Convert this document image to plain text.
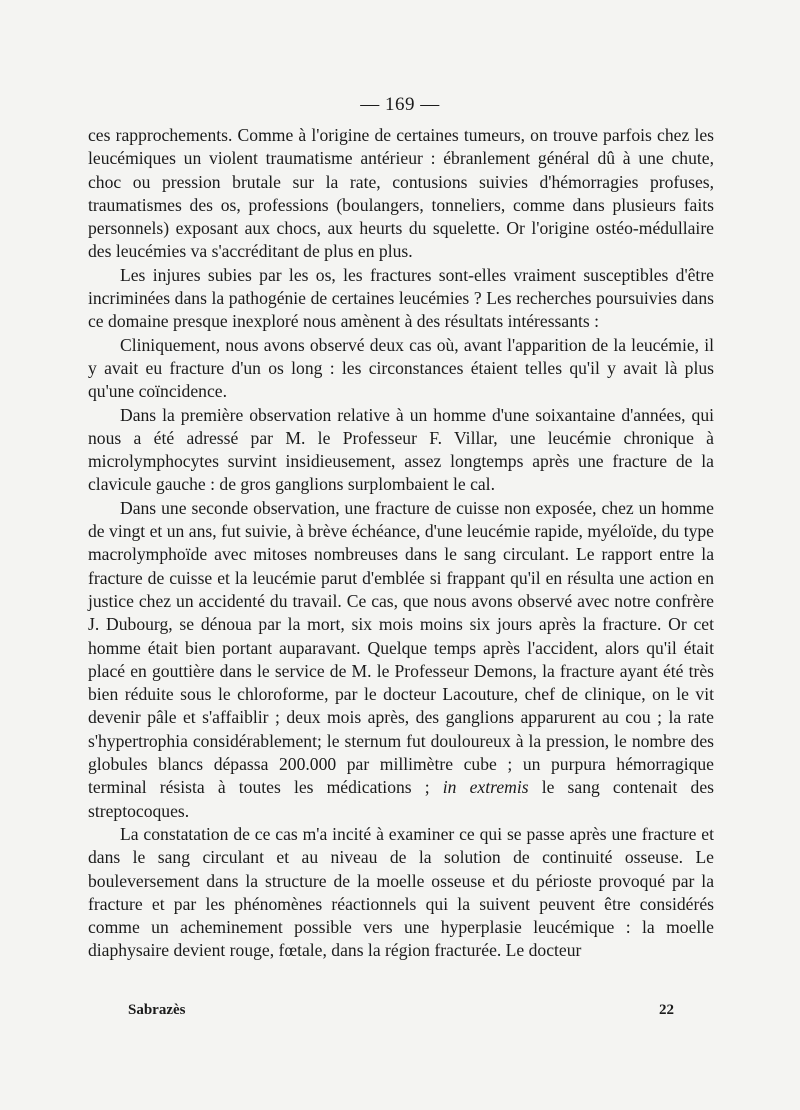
— 169 —

ces rapprochements. Comme à l'origine de certaines tumeurs, on trouve parfois chez les leucémiques un violent traumatisme antérieur : ébranlement général dû à une chute, choc ou pression brutale sur la rate, contusions suivies d'hémorragies profuses, traumatismes des os, professions (boulangers, tonneliers, comme dans plusieurs faits personnels) exposant aux chocs, aux heurts du squelette. Or l'origine ostéo-médullaire des leucémies va s'accréditant de plus en plus.

Les injures subies par les os, les fractures sont-elles vraiment susceptibles d'être incriminées dans la pathogénie de certaines leucémies ? Les recherches poursuivies dans ce domaine presque inexploré nous amènent à des résultats intéressants :

Cliniquement, nous avons observé deux cas où, avant l'apparition de la leucémie, il y avait eu fracture d'un os long : les circonstances étaient telles qu'il y avait là plus qu'une coïncidence.

Dans la première observation relative à un homme d'une soixantaine d'années, qui nous a été adressé par M. le Professeur F. Villar, une leucémie chronique à microlymphocytes survint insidieusement, assez longtemps après une fracture de la clavicule gauche : de gros ganglions surplombaient le cal.

Dans une seconde observation, une fracture de cuisse non exposée, chez un homme de vingt et un ans, fut suivie, à brève échéance, d'une leucémie rapide, myéloïde, du type macrolymphoïde avec mitoses nombreuses dans le sang circulant. Le rapport entre la fracture de cuisse et la leucémie parut d'emblée si frappant qu'il en résulta une action en justice chez un accidenté du travail. Ce cas, que nous avons observé avec notre confrère J. Dubourg, se dénoua par la mort, six mois moins six jours après la fracture. Or cet homme était bien portant auparavant. Quelque temps après l'accident, alors qu'il était placé en gouttière dans le service de M. le Professeur Demons, la fracture ayant été très bien réduite sous le chloroforme, par le docteur Lacouture, chef de clinique, on le vit devenir pâle et s'affaiblir ; deux mois après, des ganglions apparurent au cou ; la rate s'hypertrophia considérablement; le sternum fut douloureux à la pression, le nombre des globules blancs dépassa 200.000 par millimètre cube ; un purpura hémorragique terminal résista à toutes les médications ; in extremis le sang contenait des streptocoques.

La constatation de ce cas m'a incité à examiner ce qui se passe après une fracture et dans le sang circulant et au niveau de la solution de continuité osseuse. Le bouleversement dans la structure de la moelle osseuse et du périoste provoqué par la fracture et par les phénomènes réactionnels qui la suivent peuvent être considérés comme un acheminement possible vers une hyperplasie leucémique : la moelle diaphysaire devient rouge, fœtale, dans la région fracturée. Le docteur

Sabrazès	22
